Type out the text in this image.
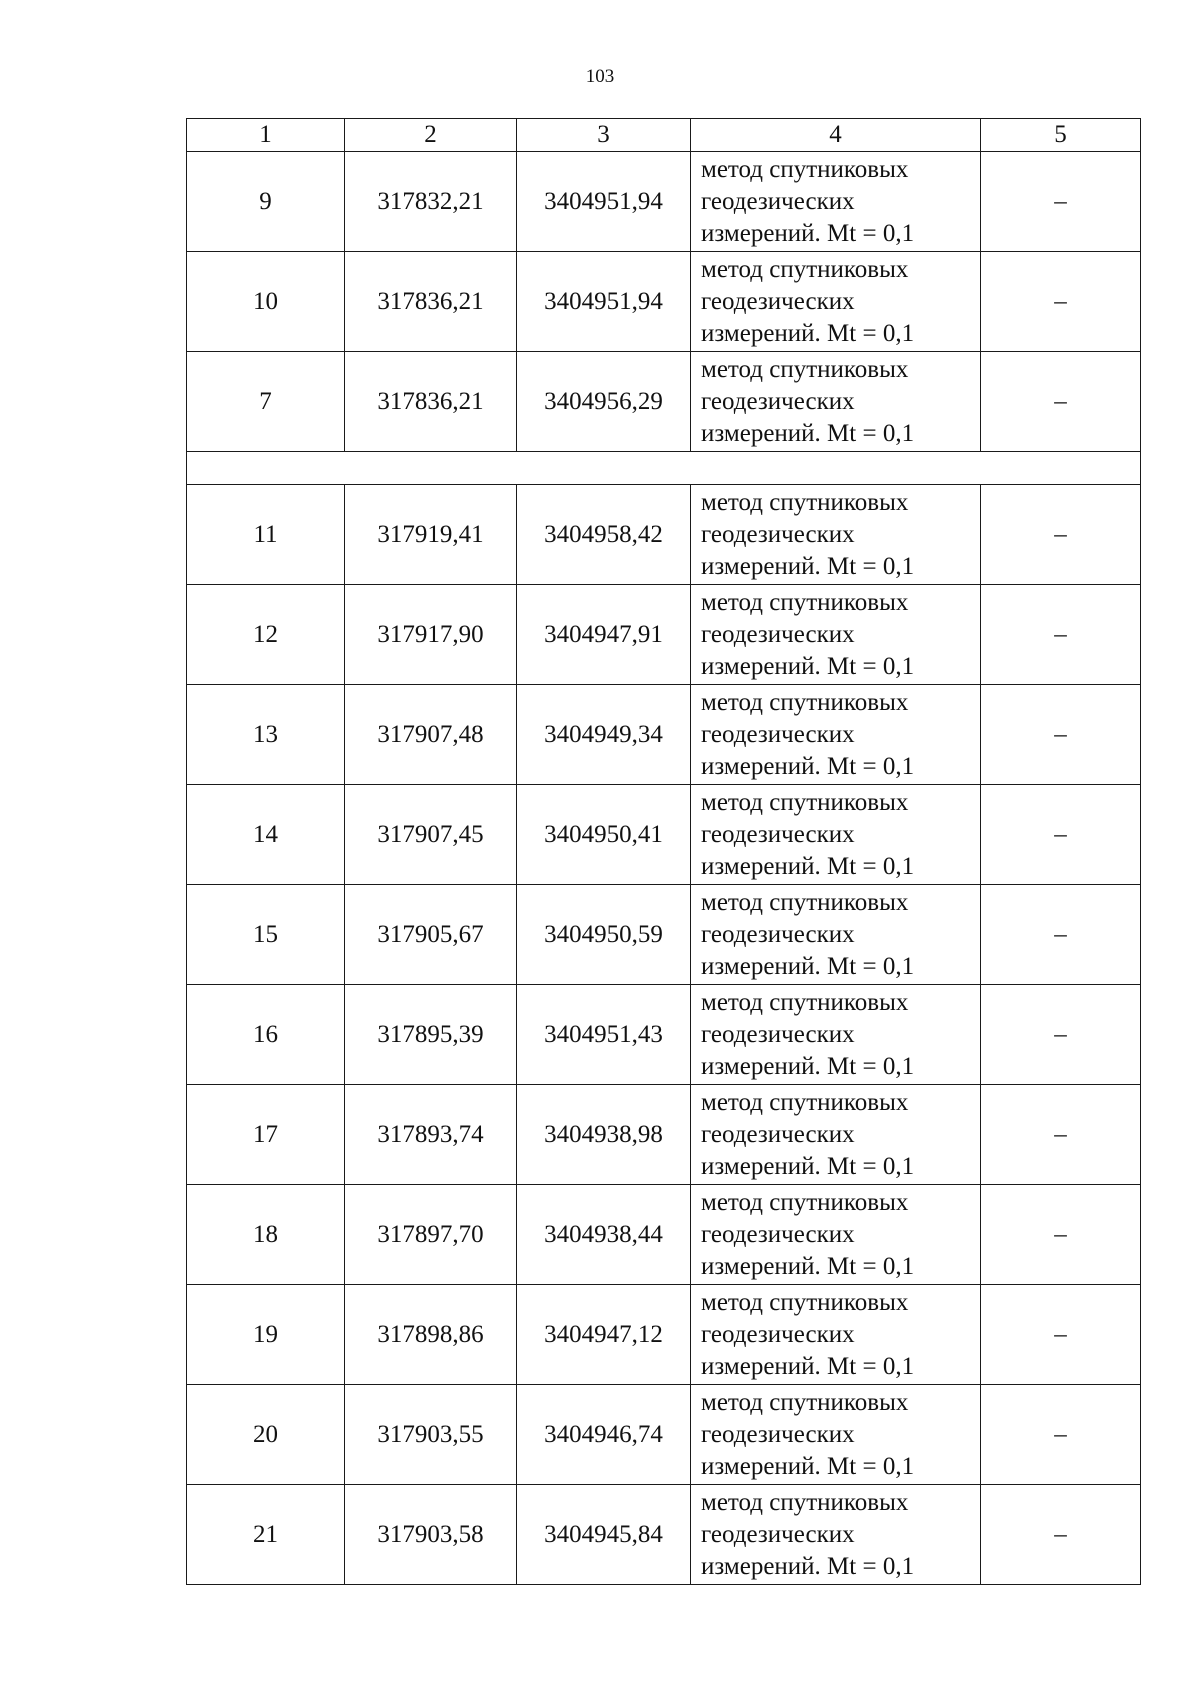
103
1	2	3	4	5
9	317832,21	3404951,94	метод спутниковых
геодезических
измерений. Mt = 0,1	–
10	317836,21	3404951,94	метод спутниковых
геодезических
измерений. Mt = 0,1	–
7	317836,21	3404956,29	метод спутниковых
геодезических
измерений. Mt = 0,1	–

11	317919,41	3404958,42	метод спутниковых
геодезических
измерений. Mt = 0,1	–
12	317917,90	3404947,91	метод спутниковых
геодезических
измерений. Mt = 0,1	–
13	317907,48	3404949,34	метод спутниковых
геодезических
измерений. Mt = 0,1	–
14	317907,45	3404950,41	метод спутниковых
геодезических
измерений. Mt = 0,1	–
15	317905,67	3404950,59	метод спутниковых
геодезических
измерений. Mt = 0,1	–
16	317895,39	3404951,43	метод спутниковых
геодезических
измерений. Mt = 0,1	–
17	317893,74	3404938,98	метод спутниковых
геодезических
измерений. Mt = 0,1	–
18	317897,70	3404938,44	метод спутниковых
геодезических
измерений. Mt = 0,1	–
19	317898,86	3404947,12	метод спутниковых
геодезических
измерений. Mt = 0,1	–
20	317903,55	3404946,74	метод спутниковых
геодезических
измерений. Mt = 0,1	–
21	317903,58	3404945,84	метод спутниковых
геодезических
измерений. Mt = 0,1	–
